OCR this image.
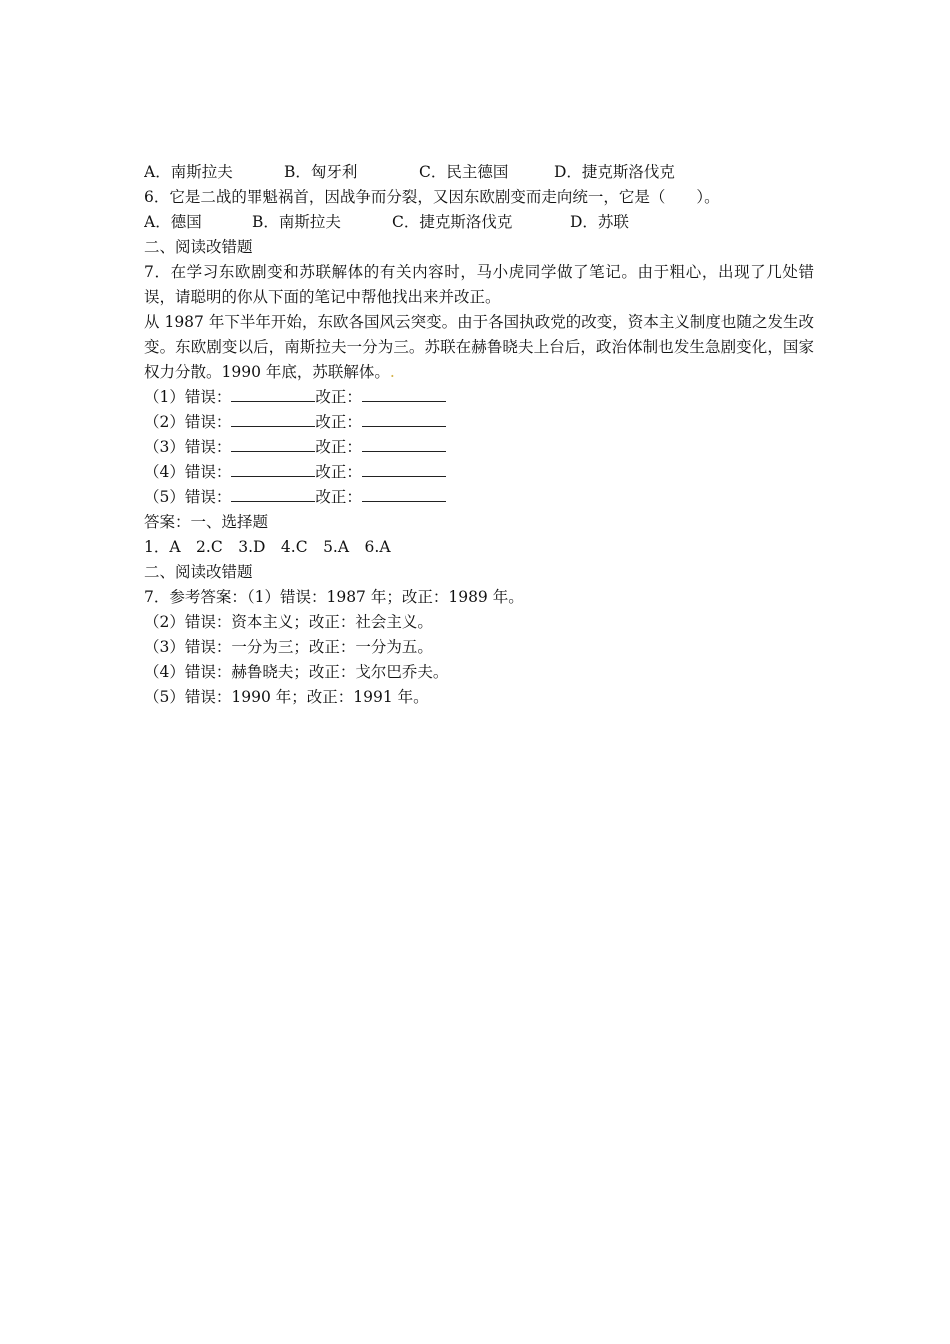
A．南斯拉夫	B．匈牙利	C．民主德国	D．捷克斯洛伐克
6．它是二战的罪魁祸首，因战争而分裂，又因东欧剧变而走向统一，它是（　　）。
A．德国	B．南斯拉夫	C．捷克斯洛伐克	D．苏联
二、阅读改错题
7．在学习东欧剧变和苏联解体的有关内容时，马小虎同学做了笔记。由于粗心，出现了几处错误，请聪明的你从下面的笔记中帮他找出来并改正。
从 1987 年下半年开始，东欧各国风云突变。由于各国执政党的改变，资本主义制度也随之发生改变。东欧剧变以后，南斯拉夫一分为三。苏联在赫鲁晓夫上台后，政治体制也发生急剧变化，国家权力分散。1990 年底，苏联解体。.
（1）错误：	改正：
（2）错误：	改正：
（3）错误：	改正：
（4）错误：	改正：
（5）错误：	改正：
答案：一、选择题
1．A　2.C　3.D　4.C　5.A　6.A
二、阅读改错题
7．参考答案：（1）错误：1987 年；改正：1989 年。
（2）错误：资本主义；改正：社会主义。
（3）错误：一分为三；改正：一分为五。
（4）错误：赫鲁晓夫；改正：戈尔巴乔夫。
（5）错误：1990 年；改正：1991 年。
